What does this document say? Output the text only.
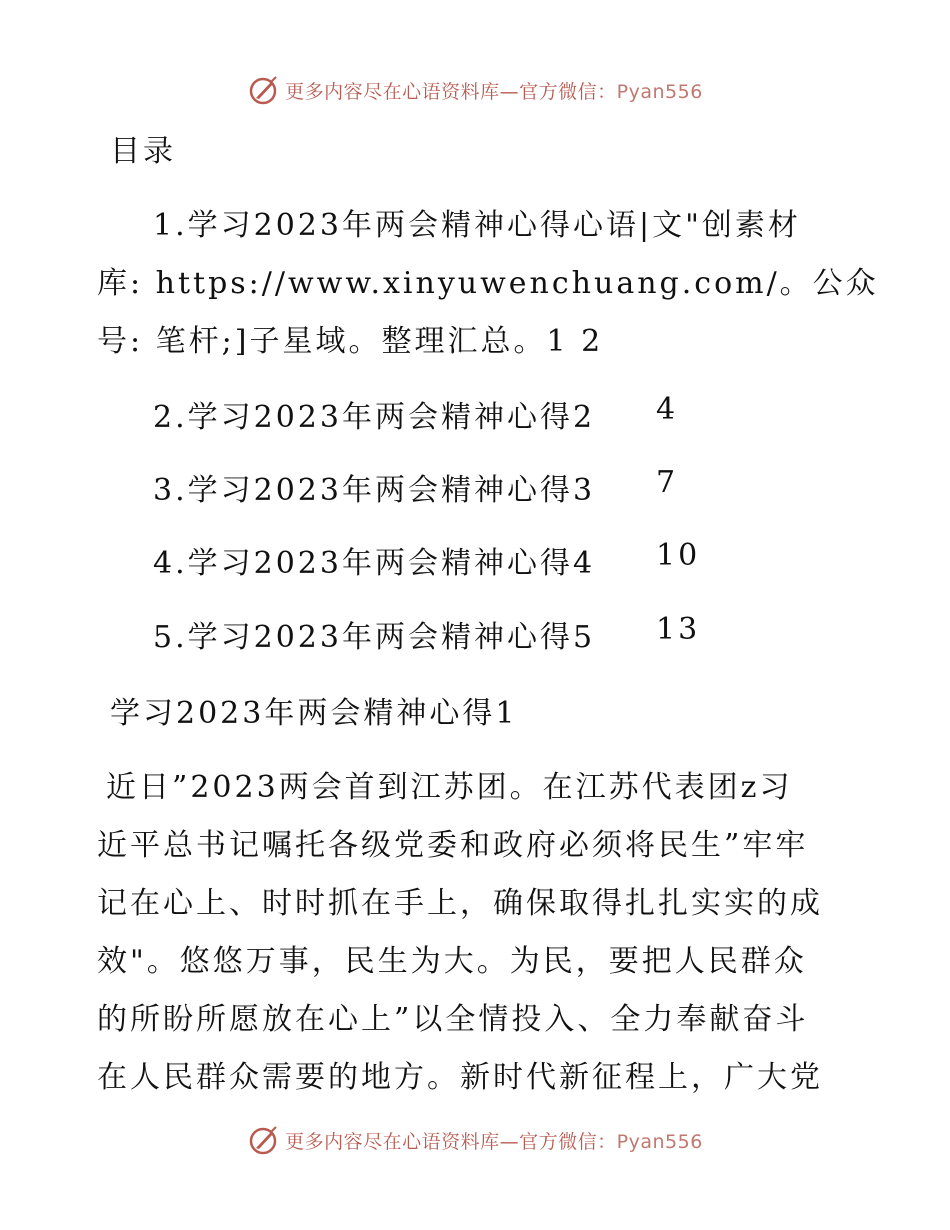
更多内容尽在心语资料库—官方微信：Pyan556
目录
1.学习2023年两会精神心得心语|文"创素材
库: https://www.xinyuwenchuang.com/。公众
号: 笔杆;]子星域。整理汇总。1 2
2.学习2023年两会精神心得2 4
3.学习2023年两会精神心得3 7
4.学习2023年两会精神心得4 10
5.学习2023年两会精神心得5 13
学习2023年两会精神心得1
近日”2023两会首到江苏团。在江苏代表团z习
近平总书记嘱托各级党委和政府必须将民生”牢牢
记在心上、时时抓在手上，确保取得扎扎实实的成
效"。悠悠万事，民生为大。为民，要把人民群众
的所盼所愿放在心上”以全情投入、全力奉献奋斗
在人民群众需要的地方。新时代新征程上，广大党
更多内容尽在心语资料库—官方微信：Pyan556
